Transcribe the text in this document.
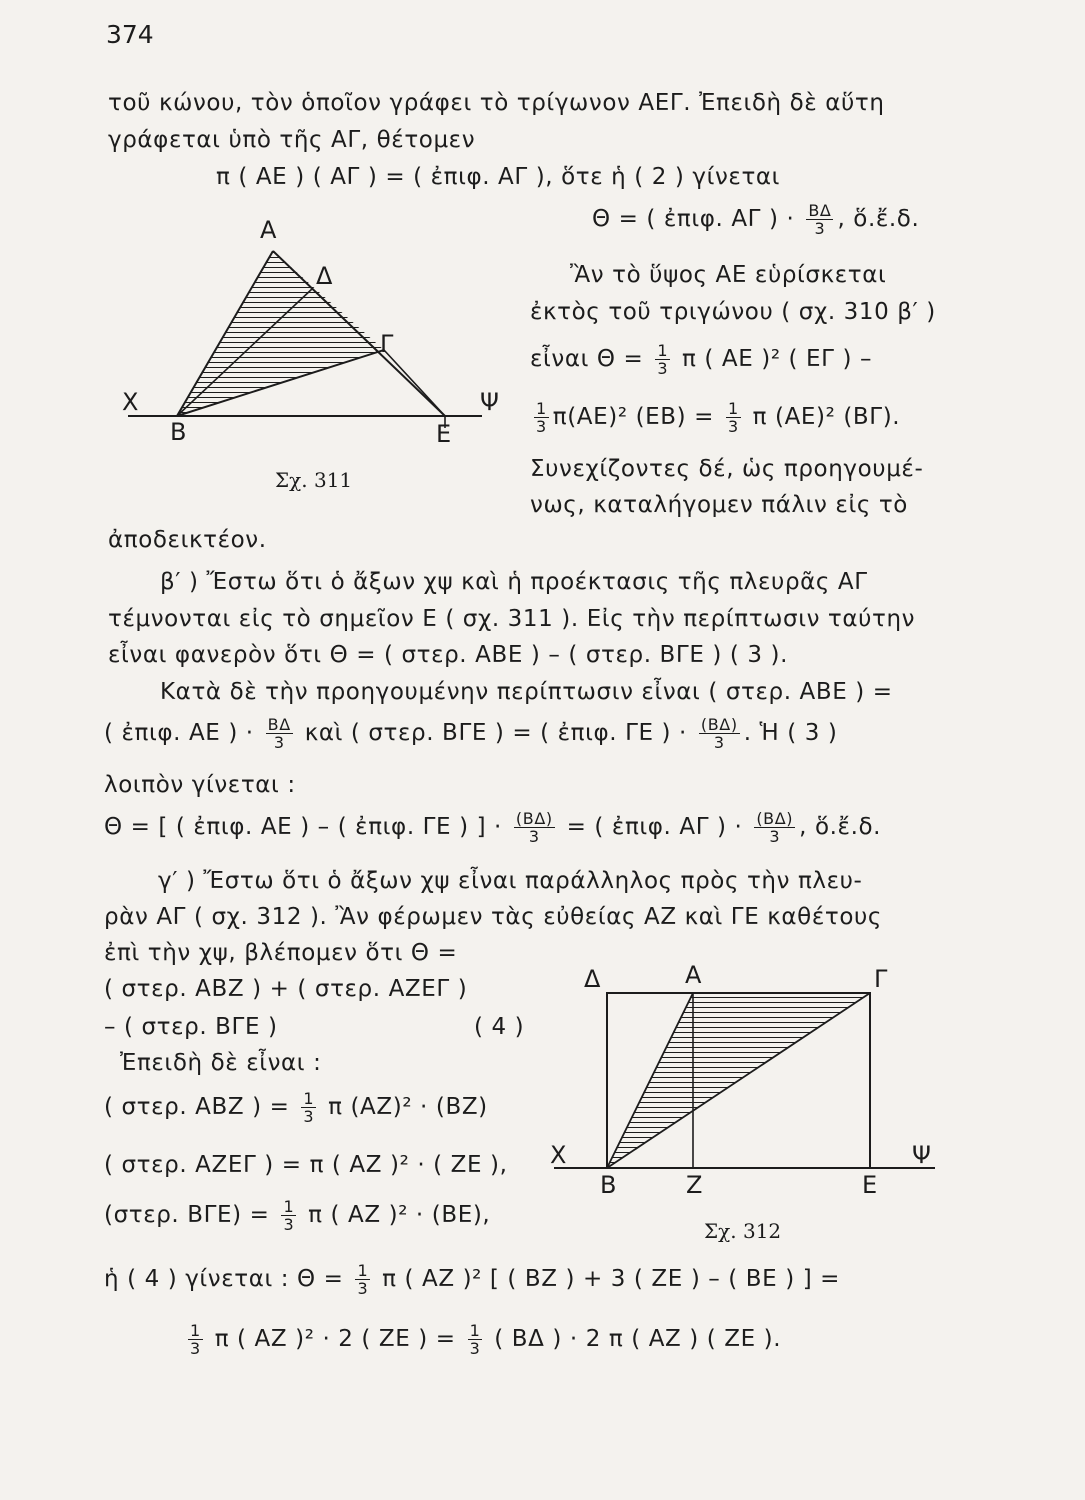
374
τοῦ κώνου, τὸν ὁποῖον γράφει τὸ τρίγωνον ΑΕΓ. Ἐπειδὴ δὲ αὕτη
γράφεται ὑπὸ τῆς ΑΓ, θέτομεν
π ( ΑΕ ) ( ΑΓ ) = ( ἐπιφ. ΑΓ ), ὅτε ἡ ( 2 ) γίνεται
Θ = ( ἐπιφ. ΑΓ ) · $\frac{B\Delta}{3}$ , ὅ.ἔ.δ.
Ἂν τὸ ὕψος ΑΕ εὑρίσκεται
ἐκτὸς τοῦ τριγώνου ( σχ. 310 β′ )
εἶναι $\Theta = \frac{1}{3}$ π ( ΑΕ )² ( ΕΓ ) –
$\frac{1}{3} \pi(AE)^2$ $(EB) = \frac{1}{3}$ π (ΑΕ)² (ΒΓ).
Συνεχίζοντες δέ, ὡς προηγουμέ-
νως, καταλήγομεν πάλιν εἰς τὸ
ἀποδεικτέον.
Α
Δ
Γ
Χ
Β	Ε
Ψ
Σχ. 311
β′ ) Ἔστω ὅτι ὁ ἄξων χψ καὶ ἡ προέκτασις τῆς πλευρᾶς ΑΓ
τέμνονται εἰς τὸ σημεῖον Ε ( σχ. 311 ). Εἰς τὴν περίπτωσιν ταύτην
εἶναι φανερὸν ὅτι Θ = ( στερ. ΑΒΕ ) – ( στερ. ΒΓΕ ) ( 3 ).
Κατὰ δὲ τὴν προηγουμένην περίπτωσιν εἶναι ( στερ. ΑΒΕ ) =
( ἐπιφ. ΑΕ ) · $\frac{B\Delta}{3}$ καὶ ( στερ. ΒΓΕ ) = ( ἐπιφ. ΓΕ ) · $\frac{(B\Delta)}{3}$ . Ἡ ( 3 )
λοιπὸν γίνεται :
Θ = [ ( ἐπιφ. ΑΕ ) – ( ἐπιφ. ΓΕ ) ] · $\frac{(B\Delta)}{3}$ = ( ἐπιφ. ΑΓ ) · $\frac{(B\Delta)}{3}$ , ὅ.ἔ.δ.
γ′ ) Ἔστω ὅτι ὁ ἄξων χψ εἶναι παράλληλος πρὸς τὴν πλευ-
ρὰν ΑΓ ( σχ. 312 ). Ἂν φέρωμεν τὰς εὐθείας ΑΖ καὶ ΓΕ καθέτους
ἐπὶ τὴν χψ, βλέπομεν ὅτι Θ =
( στερ. ΑΒΖ ) + ( στερ. ΑΖΕΓ )
– ( στερ. ΒΓΕ )	( 4 )
Ἐπειδὴ δὲ εἶναι :
( στερ. ΑΒΖ ) = $\frac{1}{3}$ π (ΑΖ)² · (ΒΖ)
( στερ. ΑΖΕΓ ) = π ( ΑΖ )² · ( ΖΕ ),
(στερ. $B\Gamma E) = \frac{1}{3}$ π ( ΑΖ )² · (ΒΕ),
ἡ ( 4 ) γίνεται : $\Theta = \frac{1}{3}$ π ( ΑΖ )² [ ( ΒΖ ) + 3 ( ΖΕ ) – ( ΒΕ ) ] =
$\frac{1}{3}$ π ( ΑΖ )² · 2 ( ΖΕ ) = $\frac{1}{3}$ ( ΒΔ ) · 2 π ( ΑΖ ) ( ΖΕ ).
Δ	Α	Γ
Χ
Β	Ζ	Ε
Ψ
Σχ. 312
